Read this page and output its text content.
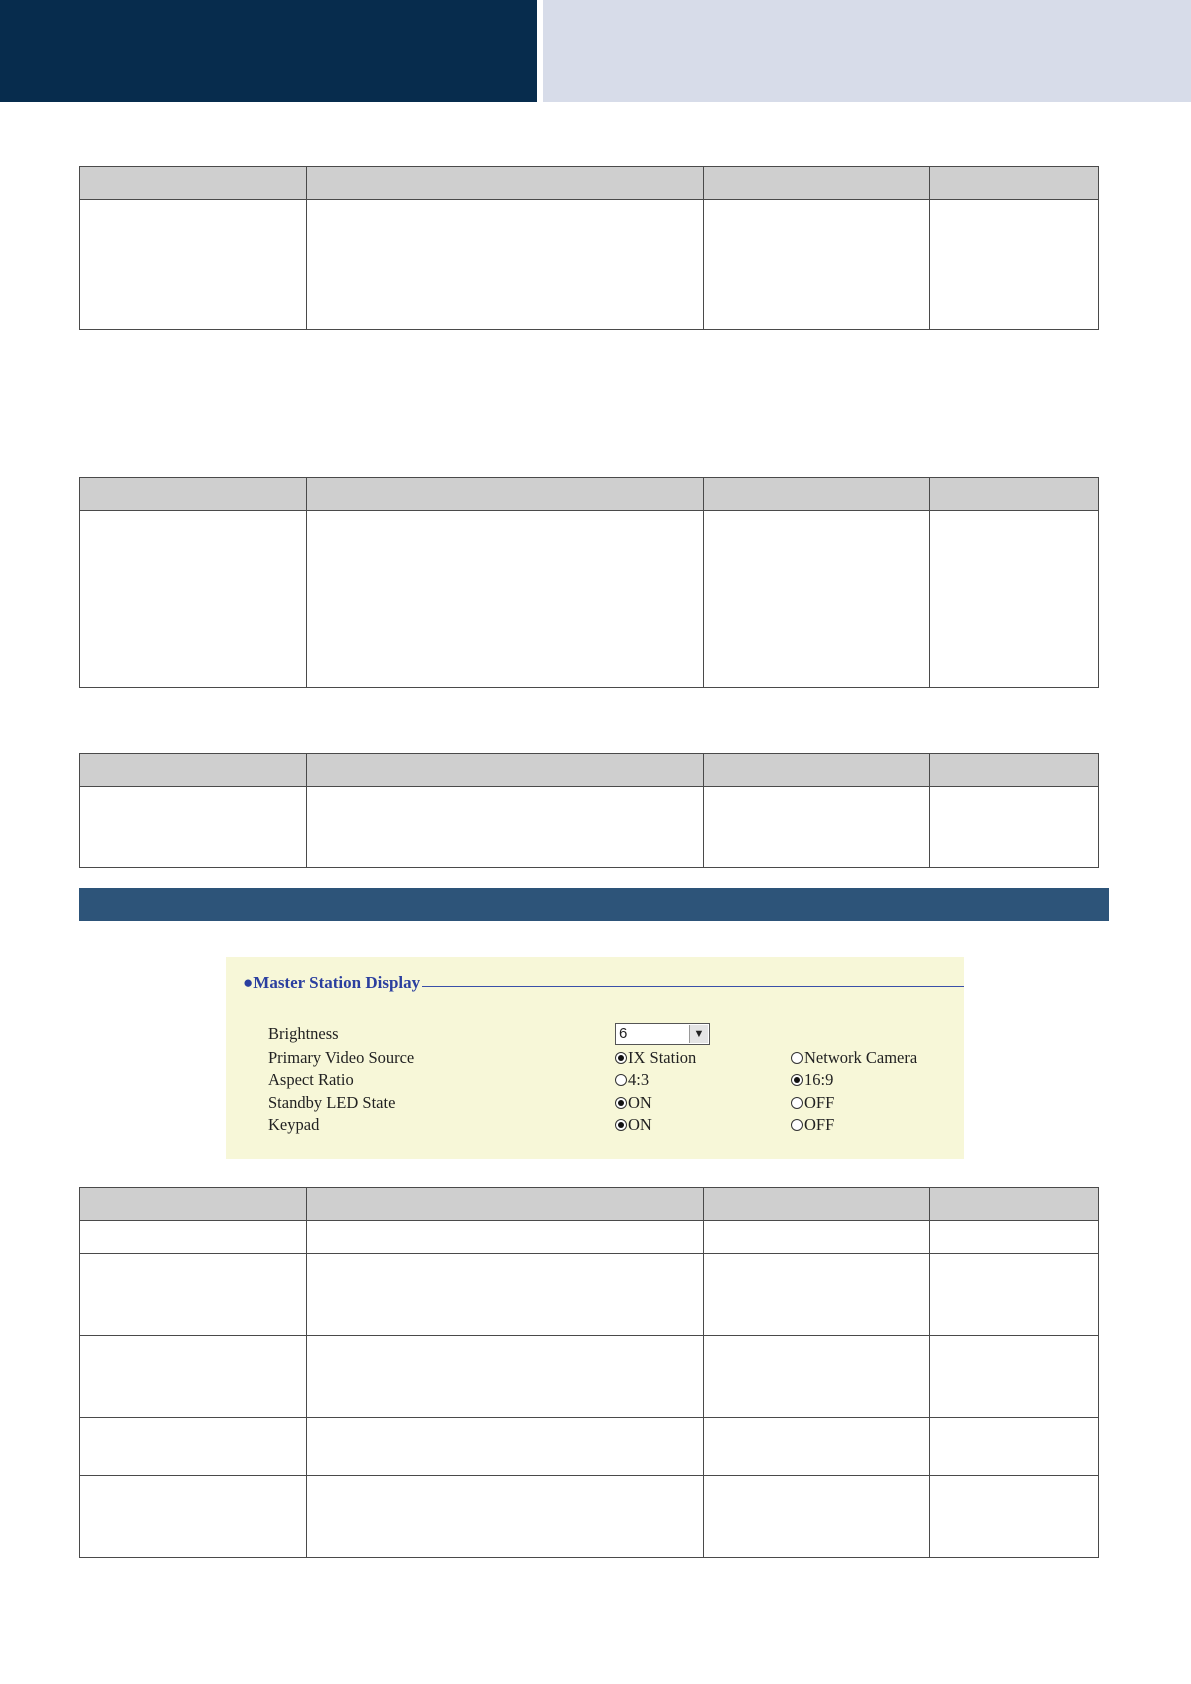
●Master Station Display
Brightness	6	▼
Primary Video Source	IX Station	Network Camera
Aspect Ratio	4:3	16:9
Standby LED State	ON	OFF
Keypad	ON	OFF
